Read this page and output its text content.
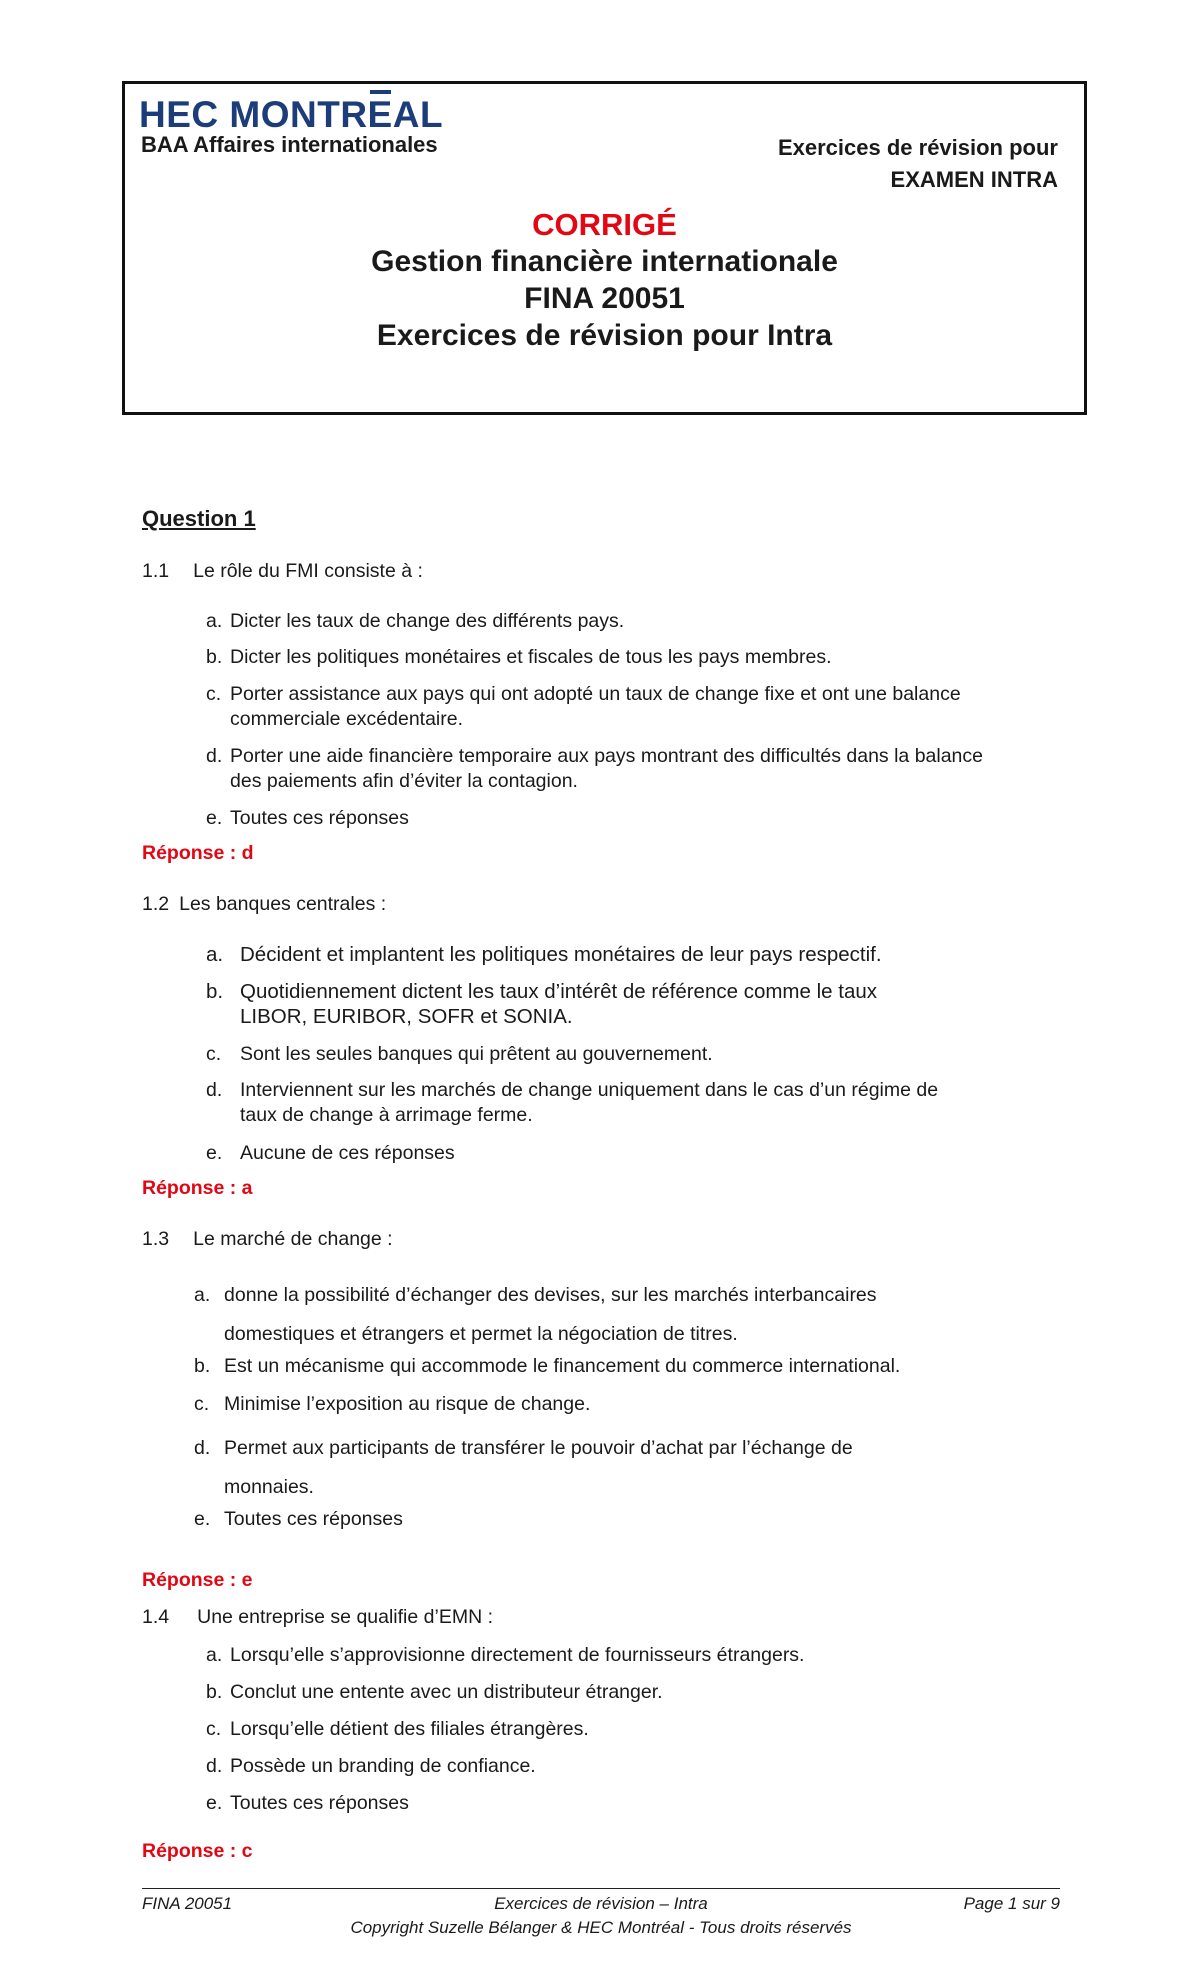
HEC MONTR
EAL
BAA Affaires internationales	Exercices de révision pour
EXAMEN INTRA
CORRIGÉ
Gestion financière internationale
FINA 20051
Exercices de révision pour Intra
Question 1
1.1 Le rôle du FMI consiste à :
a. Dicter les taux de change des différents pays.
b. Dicter les politiques monétaires et fiscales de tous les pays membres.
c. Porter assistance aux pays qui ont adopté un taux de change fixe et ont une balance
commerciale excédentaire.
d. Porter une aide financière temporaire aux pays montrant des difficultés dans la balance
des paiements afin d’éviter la contagion.
e. Toutes ces réponses
Réponse : d
1.2 Les banques centrales :
a. Décident et implantent les politiques monétaires de leur pays respectif.
b. Quotidiennement dictent les taux d’intérêt de référence comme le taux
LIBOR, EURIBOR, SOFR et SONIA.
c. Sont les seules banques qui prêtent au gouvernement.
d. Interviennent sur les marchés de change uniquement dans le cas d’un régime de
taux de change à arrimage ferme.
e. Aucune de ces réponses
Réponse : a
1.3 Le marché de change :
a. donne la possibilité d’échanger des devises, sur les marchés interbancaires
domestiques et étrangers et permet la négociation de titres.
b. Est un mécanisme qui accommode le financement du commerce international.
c. Minimise l’exposition au risque de change.
d. Permet aux participants de transférer le pouvoir d’achat par l’échange de
monnaies.
e. Toutes ces réponses
Réponse : e
1.4 Une entreprise se qualifie d’EMN :
a. Lorsqu’elle s’approvisionne directement de fournisseurs étrangers.
b. Conclut une entente avec un distributeur étranger.
c. Lorsqu’elle détient des filiales étrangères.
d. Possède un branding de confiance.
e. Toutes ces réponses
Réponse : c
FINA 20051	Exercices de révision – Intra	Page 1 sur 9
Copyright Suzelle Bélanger & HEC Montréal - Tous droits réservés
